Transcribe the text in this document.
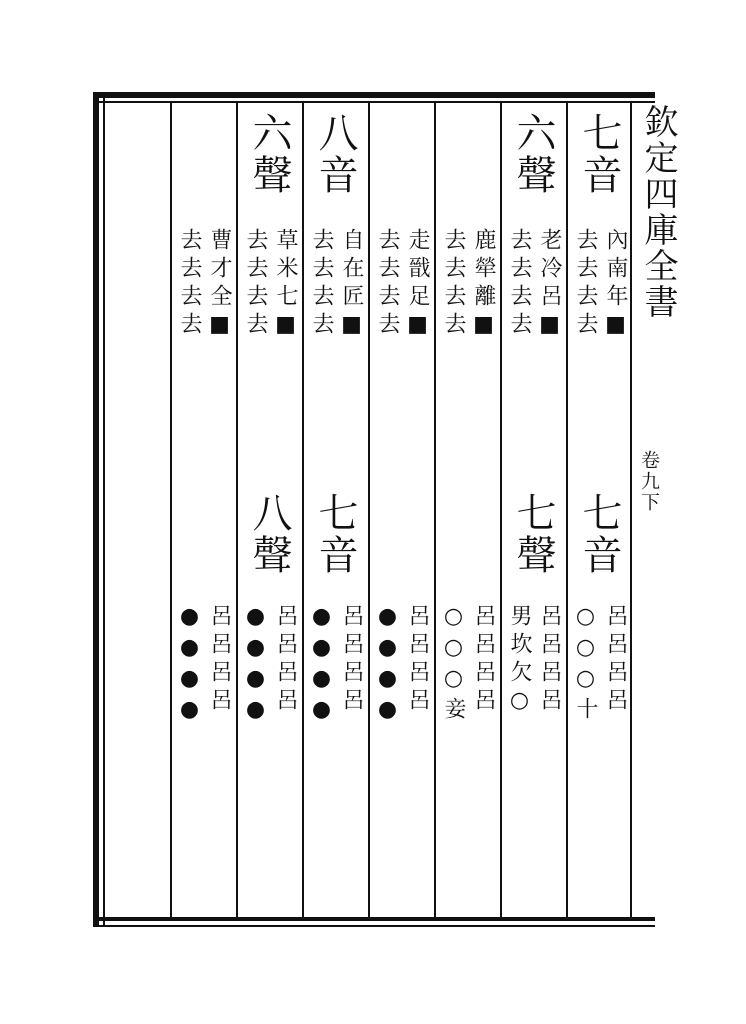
欽定四庫全書
卷九下
七音
內南年■
去去去去
七音
呂呂呂呂
○○○十
六聲
老冷呂■
去去去去
七聲
呂呂呂呂
男坎欠○
鹿犖離■
去去去去
呂呂呂呂
○○○妾
走戩足■
去去去去
呂呂呂呂
●●●●
八音
自在匠■
去去去去
七音
呂呂呂呂
●●●●
六聲
草米七■
去去去去
八聲
呂呂呂呂
●●●●
曹才全■
去去去去
呂呂呂呂
●●●●
